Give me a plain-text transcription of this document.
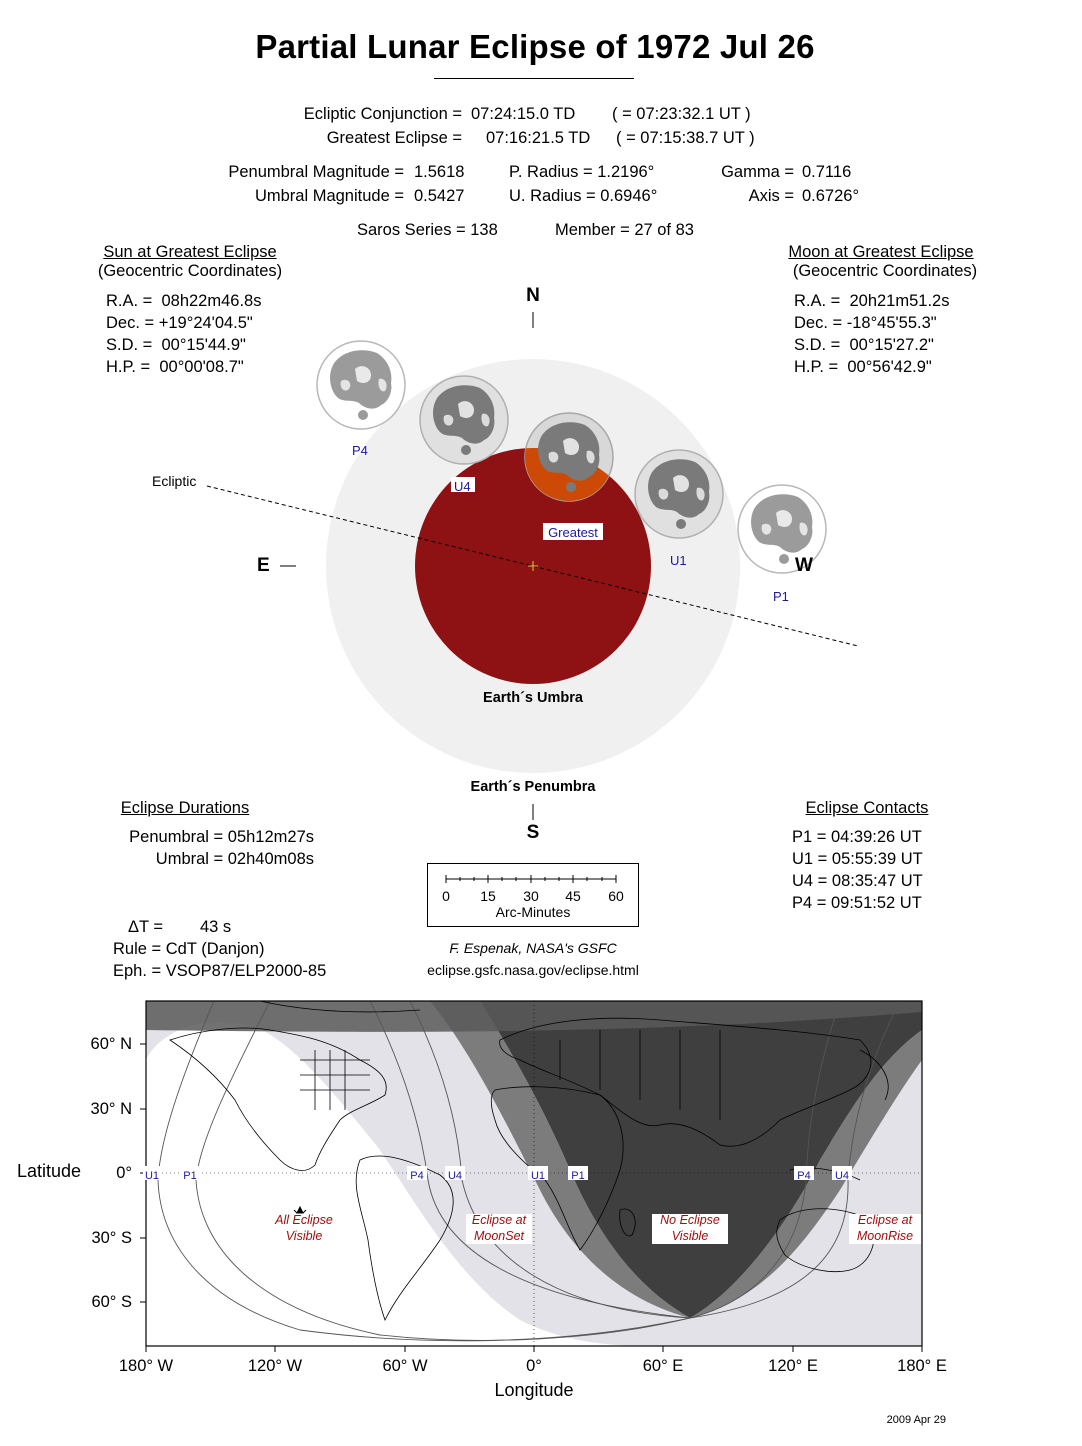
Partial Lunar Eclipse of 1972 Jul 26
Ecliptic Conjunction = 07:24:15.0 TD ( = 07:23:32.1 UT )
Greatest Eclipse = 07:16:21.5 TD ( = 07:15:38.7 UT )
Penumbral Magnitude = 1.5618
Umbral Magnitude = 0.5427
P. Radius = 1.2196°
U. Radius = 0.6946°
Gamma = 0.7116
Axis = 0.6726°
Saros Series = 138	Member = 27 of 83
Sun at Greatest Eclipse
(Geocentric Coordinates)
R.A. =  08h22m46.8s
Dec. = +19°24'04.5"
S.D. =  00°15'44.9"
H.P. =  00°00'08.7"
Moon at Greatest Eclipse
(Geocentric Coordinates)
R.A. =  20h21m51.2s
Dec. = -18°45'55.3"
S.D. =  00°15'27.2"
H.P. =  00°56'42.9"
N
S
E	W
Ecliptic
Earth´s Umbra
Earth´s Penumbra
Greatest
P4
U4
U1
P1
Eclipse Durations
Penumbral = 05h12m27s
Umbral = 02h40m08s
Eclipse Contacts
P1 = 04:39:26 UT
U1 = 05:55:39 UT
U4 = 08:35:47 UT
P4 = 09:51:52 UT
0	15	30	45	60
Arc-Minutes
ΔT = 43 s
Rule = CdT (Danjon)
Eph. = VSOP87/ELP2000-85
F. Espenak, NASA's GSFC
eclipse.gsfc.nasa.gov/eclipse.html
60° N
30° N
0°
30° S
60° S
180° W	120° W	60° W	0°	60° E	120° E	180° E
Latitude
Longitude
U1 P1	P4 U4	U1 P1	P4 U4
All Eclipse
Visible
Eclipse at
MoonSet
No Eclipse
Visible
Eclipse at
MoonRise
2009 Apr 29
